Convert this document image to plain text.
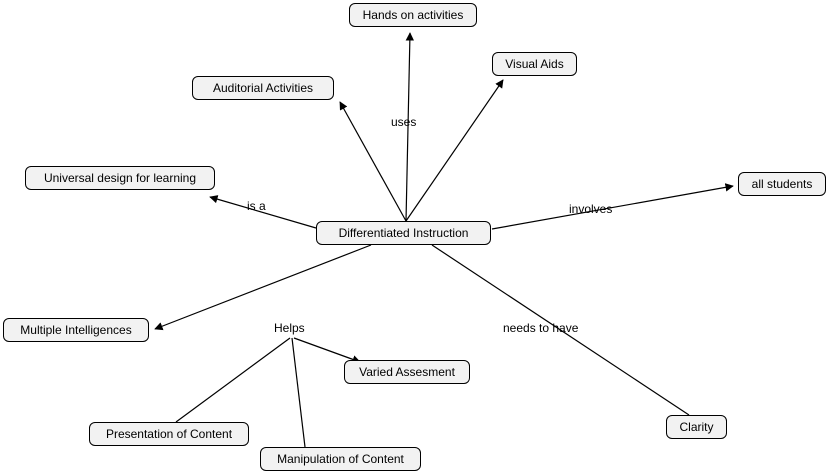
Hands on activities
Visual Aids
Auditorial Activities
Universal design for learning	all students
Differentiated Instruction
Multiple Intelligences
Varied Assesment
Clarity
Presentation of Content
Manipulation of Content
uses
is a	involves
Helps	needs to have
